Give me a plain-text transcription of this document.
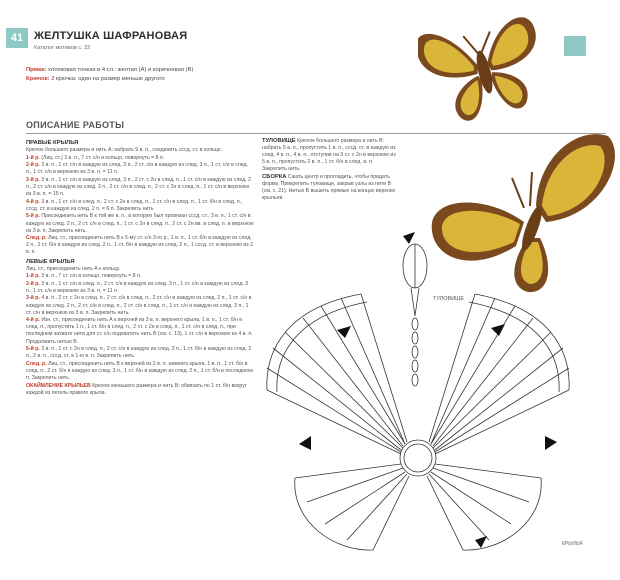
41 ЖЕЛТУШКА ШАФРАНОВАЯ
Каталог мотивов с. 32
Пряжа: хлопковая тонкая в 4 сл.: желтая (А) и коричневая (В)
Крючок: 2 крючка: один на размер меньше другого
ОПИСАНИЕ РАБОТЫ
ПРАВЫЕ КРЫЛЬЯ

Крючок большего размера и нить А: набрать 9 в. п., соединить сссд. ст. в кольцо.

1-й р. (Лиц. ст.) 3 в. п., 7 ст. с/н в кольцо, повернуть = 8 п.

2-й р. 3 в. п., 1 ст. с/н в каждую из след. 3 п., 2 ст. с/н в каждую из след. 3 п., 1 ст. с/н в след. п., 1 ст. с/н в верхнюю из 3 в. п. = 11 п.

3-й р. 3 в. п., 1 ст. с/н в каждую из след. 3 п., 2 ст. с 2н в след. п., 1 ст. с/н в каждую из след. 2 п., 2 ст. с/н в каждую из след. 2 п., 2 ст. с/н в след. п., 2 ст. с 2н в след. п., 1 ст. с/н в верхнюю из 3 в. п. = 15 п.

4-й р. 3 в. п., 1 ст. с/н в след. п., 2 ст. с 2н в след. п., 1 ст. с/н в след. п., 1 ст. б/н в след. п., сссд. ст. в каждую из след. 2 п. = 6 п. Закрепить нить

5-й р. Присоединить нить В к той же в. п., в которую был провязан сссд. ст., 3 в. п., 1 ст. с/н в каждую из след. 2 п., 2 ст. с/н в след. п., 1 ст. с 2н в след. п., 2 ст. с 2н вв. в след. п. и верхнюю из 3 в. п. Закрепить нить.

След. р. Лиц. ст., присоединить нить В к 5-му ст. с/н 3-го р., 1 в. п., 1 ст. б/н в каждую из след. 2 п., 2 ст. б/н в каждую из след. 2 п., 1 ст. б/н в каждую из след. 2 п., 1 сссд. ст. в верхнюю из 2 в. п.

ЛЕВЫЕ КРЫЛЬЯ

Лиц. ст., присоединить нить А к кольцу.

1-й р. 3 в. п., 7 ст. с/н в кольцо, повернуть = 8 п.

2-й р. 3 в. п., 1 ст. с/н в след. п., 2 ст. с/н в каждую из след. 3 п., 1 ст. с/н в каждую из след. 3 п., 1 ст. с/н в верхнюю из 3 в. п. = 11 п.

3-й р. 4 в. п., 2 ст. с 2н в след. п., 2 ст. с/н в след. п., 2 ст. с/н в каждую из след. 2 п., 1 ст. с/н в каждую из след. 2 п., 2 ст. с/н в след. п., 2 ст. с/н в след. п., 1 ст. с/н в каждую из след. 3 п., 1 ст. с/н в верхнюю из 3 в. п. Закрепить нить.

4-й р. Изн. ст., присоединить нить А к верхней из 3 в. п. верхнего крыла, 1 в. п., 1 ст. б/н в след. п., пропустить 1 п., 1 ст. б/н в след. п., 2 ст. с 2н в след. п., 1 ст. с/н в след. п., при последнем захвате нити для ст. с/н подхватить нить В (см. с. 13), 1 ст. с/н в верхнюю из 4 в. п. Продолжить нитью В.

5-й р. 3 в. п., 1 ст. с 2н в след. п., 2 ст. с/н в каждую из след. 2 п., 1 ст. б/н в каждую из след. 2 п., 2 в. п., сссд. ст. в 1-ю в. п. Закрепить нить.

След. р. Лиц. ст., присоединить нить В к верхней из 2 в. п. нижнего крыла, 1 в. п., 1 ст. б/н в след. п., 2 ст. б/н в каждую из след. 3 п., 1 ст. б/н в каждую из след. 2 п., 1 ст. б/н в последнюю п. Закрепить нить.

ОКАЙМЛЕНИЕ КРЫЛЬЕВ Крючок меньшего размера и нить В: обвязать по 1 ст. б/н вокруг каждой из петель правого крыла.

ТУЛОВИЩЕ Крючок большего размера и нить В: набрать 5 в. п., пропустить 1 в. п., сссд. ст. в каждую из след. 4 в. п., 4 в. п., отступив на 3 ст. с 2н в верхнюю из 5 в. п., пропустить 2 в. п., 1 ст. б/н в след. в. п. Закрепить нить.

СБОРКА Сжать центр и прогладить, чтобы придать форму. Прикрепить туловище, закрыв узлы из нити В (см. с. 21). Нитью В вышить прямые на концах верхних крыльев.

ТУЛОВИЩЕ
КРЫЛЬЯ
